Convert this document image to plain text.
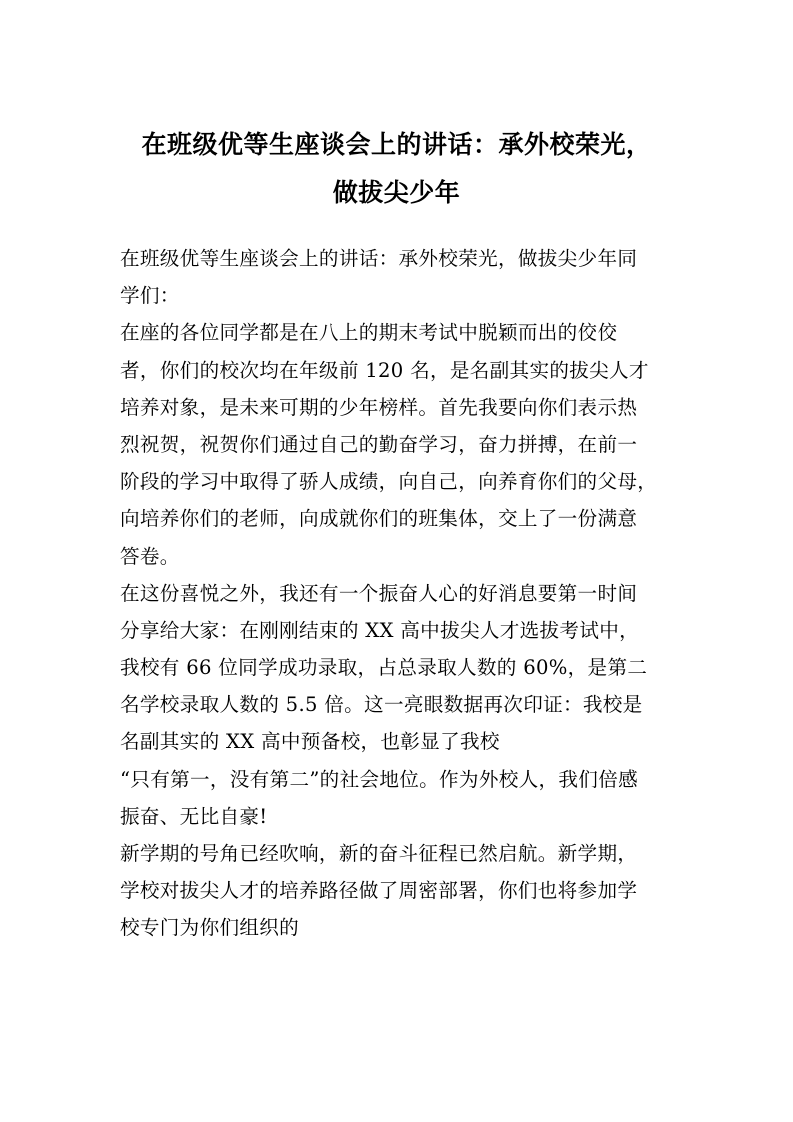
在班级优等生座谈会上的讲话：承外校荣光，
做拔尖少年
在班级优等生座谈会上的讲话：承外校荣光，做拔尖少年同
学们：
在座的各位同学都是在八上的期末考试中脱颖而出的佼佼
者，你们的校次均在年级前 120 名，是名副其实的拔尖人才
培养对象，是未来可期的少年榜样。首先我要向你们表示热
烈祝贺，祝贺你们通过自己的勤奋学习，奋力拼搏，在前一
阶段的学习中取得了骄人成绩，向自己，向养育你们的父母，
向培养你们的老师，向成就你们的班集体，交上了一份满意
答卷。
在这份喜悦之外，我还有一个振奋人心的好消息要第一时间
分享给大家：在刚刚结束的 XX 高中拔尖人才选拔考试中，
我校有 66 位同学成功录取，占总录取人数的 60%，是第二
名学校录取人数的 5.5 倍。这一亮眼数据再次印证：我校是
名副其实的 XX 高中预备校，也彰显了我校
“只有第一，没有第二”的社会地位。作为外校人，我们倍感
振奋、无比自豪!
新学期的号角已经吹响，新的奋斗征程已然启航。新学期，
学校对拔尖人才的培养路径做了周密部署，你们也将参加学
校专门为你们组织的
